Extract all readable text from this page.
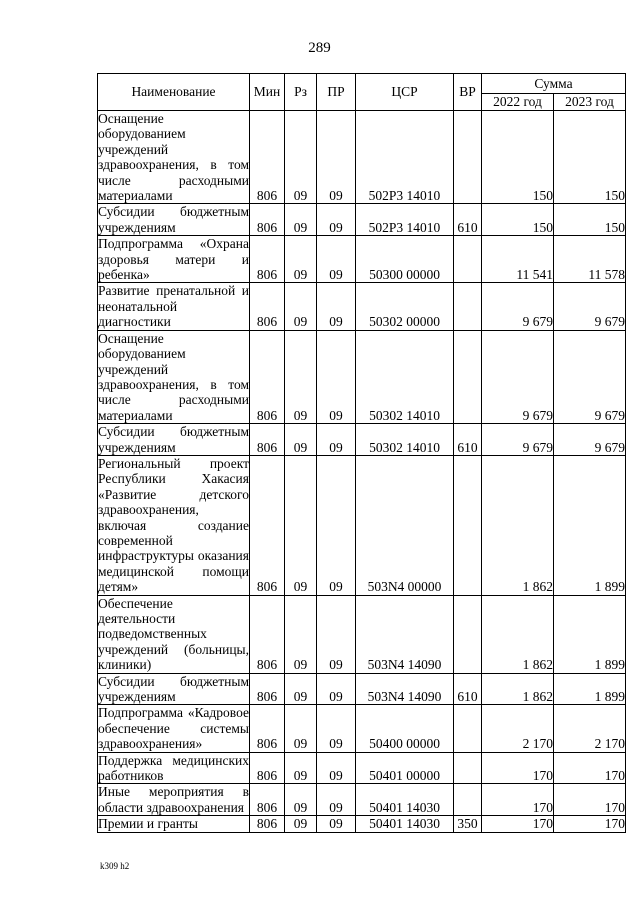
289
Наименование	Мин	Рз	ПР	ЦСР	ВР	Сумма	
						2022 год	2023 год
Оснащение оборудованием учреждений здравоохранения, в том числе расходными материалами	806	09	09	502P3 14010		150	150
Субсидии бюджетным учреждениям	806	09	09	502P3 14010	610	150	150
Подпрограмма «Охрана здоровья матери и ребенка»	806	09	09	50300 00000		11 541	11 578
Развитие пренатальной и неонатальной диагностики	806	09	09	50302 00000		9 679	9 679
Оснащение оборудованием учреждений здравоохранения, в том числе расходными материалами	806	09	09	50302 14010		9 679	9 679
Субсидии бюджетным учреждениям	806	09	09	50302 14010	610	9 679	9 679
Региональный проект Республики Хакасия «Развитие детского здравоохранения, включая создание современной инфраструктуры оказания медицинской помощи детям»	806	09	09	503N4 00000		1 862	1 899
Обеспечение деятельности подведомственных учреждений (больницы, клиники)	806	09	09	503N4 14090		1 862	1 899
Субсидии бюджетным учреждениям	806	09	09	503N4 14090	610	1 862	1 899
Подпрограмма «Кадровое обеспечение системы здравоохранения»	806	09	09	50400 00000		2 170	2 170
Поддержка медицинских работников	806	09	09	50401 00000		170	170
Иные мероприятия в области здравоохранения	806	09	09	50401 14030		170	170
Премии и гранты	806	09	09	50401 14030	350	170	170
k309 h2
